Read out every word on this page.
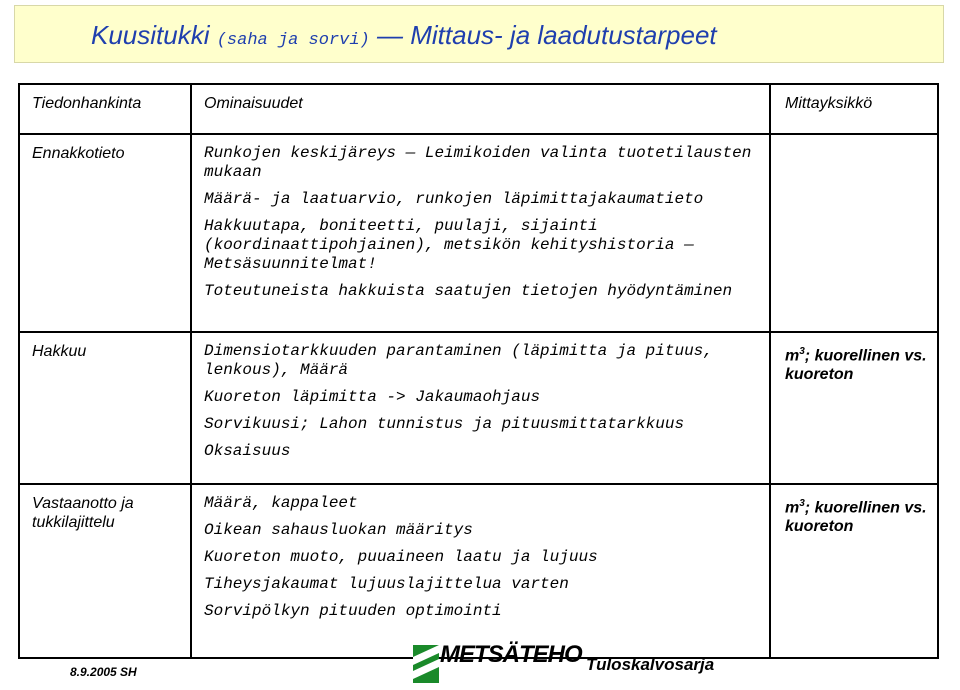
Kuusitukki (saha ja sorvi) — Mittaus- ja laadutustarpeet
Tiedonhankinta	Ominaisuudet	Mittayksikkö
Ennakkotieto	Runkojen keskijäreys — Leimikoiden valinta tuotetilausten mukaan
Määrä- ja laatuarvio, runkojen läpimittajakaumatieto
Hakkuutapa, boniteetti, puulaji, sijainti (koordinaattipohjainen), metsikön kehityshistoria — Metsäsuunnitelmat!
Toteutuneista hakkuista saatujen tietojen hyödyntäminen	

Hakkuu	Dimensiotarkkuuden parantaminen (läpimitta ja pituus, lenkous), Määrä
Kuoreton läpimitta -> Jakaumaohjaus
Sorvikuusi; Lahon tunnistus ja pituusmittatarkkuus
Oksaisuus	$m^3$; kuorellinen vs. kuoreton
Vastaanotto ja tukkilajittelu	Määrä, kappaleet
Oikean sahausluokan määritys
Kuoreton muoto, puuaineen laatu ja lujuus
Tiheysjakaumat lujuuslajittelua varten
Sorvipölkyn pituuden optimointi	$m^3$; kuorellinen vs. kuoreton
8.9.2005 SH
METSÄTEHO Tuloskalvosarja
